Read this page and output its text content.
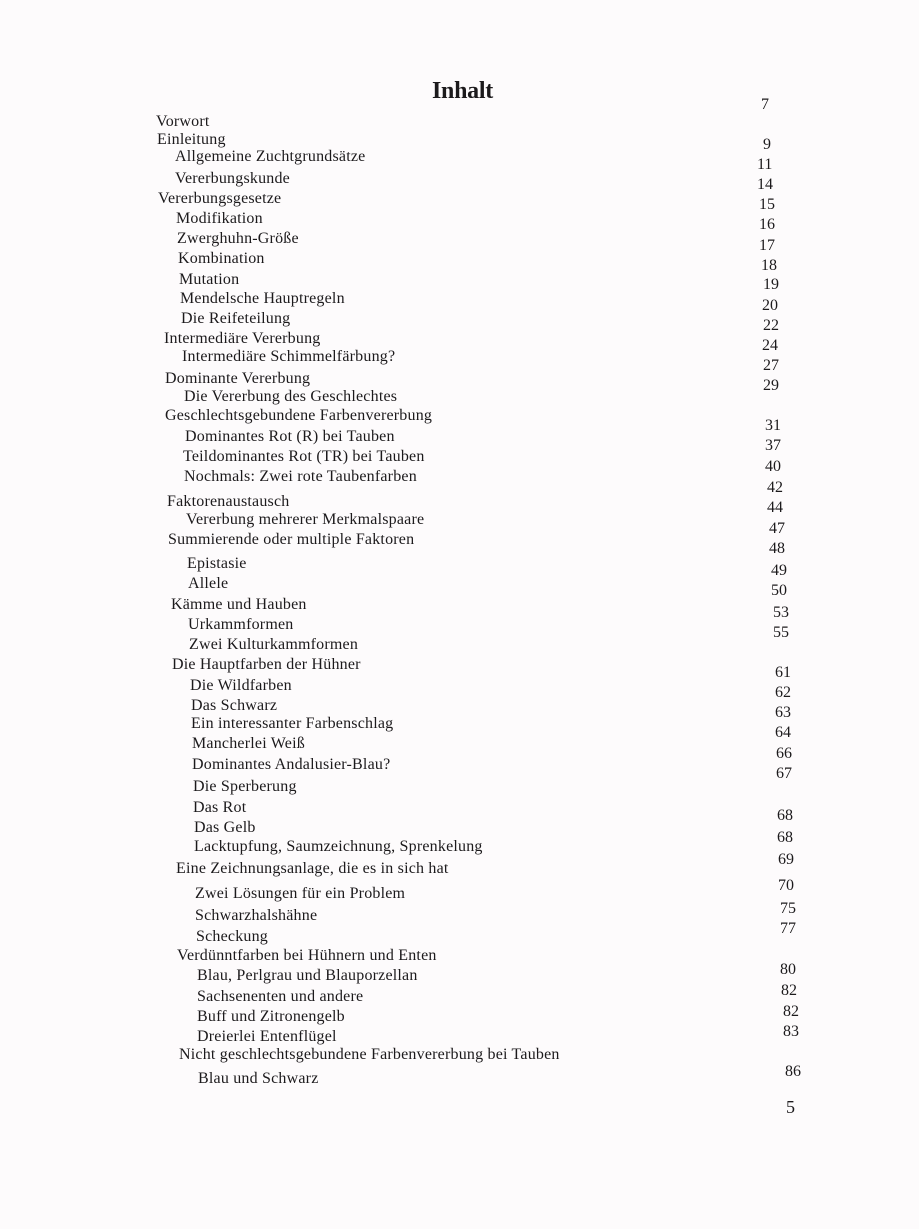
Inhalt
Vorwort
Einleitung
Allgemeine Zuchtgrundsätze
Vererbungskunde
Vererbungsgesetze
Modifikation
Zwerghuhn-Größe
Kombination
Mutation
Mendelsche Hauptregeln
Die Reifeteilung
Intermediäre Vererbung
Intermediäre Schimmelfärbung?
Dominante Vererbung
Die Vererbung des Geschlechtes
Geschlechtsgebundene Farbenvererbung
Dominantes Rot (R) bei Tauben
Teildominantes Rot (TR) bei Tauben
Nochmals: Zwei rote Taubenfarben
Faktorenaustausch
Vererbung mehrerer Merkmalspaare
Summierende oder multiple Faktoren
Epistasie
Allele
Kämme und Hauben
Urkammformen
Zwei Kulturkammformen
Die Hauptfarben der Hühner
Die Wildfarben
Das Schwarz
Ein interessanter Farbenschlag
Mancherlei Weiß
Dominantes Andalusier-Blau?
Die Sperberung
Das Rot
Das Gelb
Lacktupfung, Saumzeichnung, Sprenkelung
Eine Zeichnungsanlage, die es in sich hat
Zwei Lösungen für ein Problem
Schwarzhalshähne
Scheckung
Verdünntfarben bei Hühnern und Enten
Blau, Perlgrau und Blauporzellan
Sachsenenten und andere
Buff und Zitronengelb
Dreierlei Entenflügel
Nicht geschlechtsgebundene Farbenvererbung bei Tauben
Blau und Schwarz
7
9
11
14
15
16
17
18
19
20
22
24
27
29
31
37
40
42
44
47
48
49
50
53
55
61
62
63
64
66
67
68
68
69
70
75
77
80
82
82
83
86
5
